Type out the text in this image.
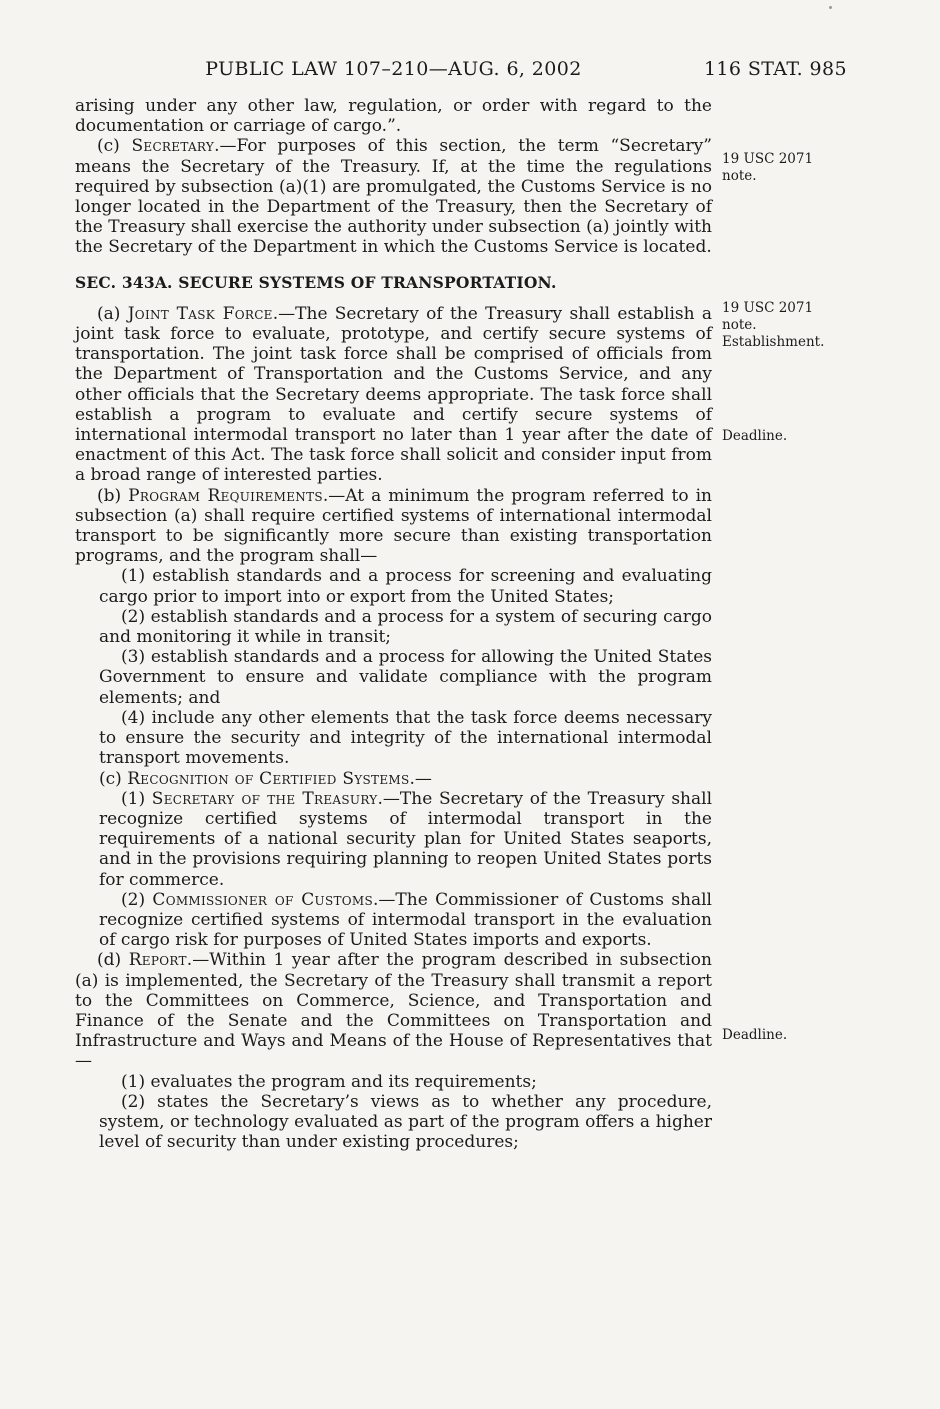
PUBLIC LAW 107–210—AUG. 6, 2002	116 STAT. 985

arising under any other law, regulation, or order with regard to the documentation or carriage of cargo.”.

(c) Secretary.—For purposes of this section, the term “Secretary” means the Secretary of the Treasury. If, at the time the regulations required by subsection (a)(1) are promulgated, the Customs Service is no longer located in the Department of the Treasury, then the Secretary of the Treasury shall exercise the authority under subsection (a) jointly with the Secretary of the Department in which the Customs Service is located.

SEC. 343A. SECURE SYSTEMS OF TRANSPORTATION.

(a) Joint Task Force.—The Secretary of the Treasury shall establish a joint task force to evaluate, prototype, and certify secure systems of transportation. The joint task force shall be comprised of officials from the Department of Transportation and the Customs Service, and any other officials that the Secretary deems appropriate. The task force shall establish a program to evaluate and certify secure systems of international intermodal transport no later than 1 year after the date of enactment of this Act. The task force shall solicit and consider input from a broad range of interested parties.

(b) Program Requirements.—At a minimum the program referred to in subsection (a) shall require certified systems of international intermodal transport to be significantly more secure than existing transportation programs, and the program shall—

(1) establish standards and a process for screening and evaluating cargo prior to import into or export from the United States;

(2) establish standards and a process for a system of securing cargo and monitoring it while in transit;

(3) establish standards and a process for allowing the United States Government to ensure and validate compliance with the program elements; and

(4) include any other elements that the task force deems necessary to ensure the security and integrity of the international intermodal transport movements.

(c) Recognition of Certified Systems.—

(1) Secretary of the Treasury.—The Secretary of the Treasury shall recognize certified systems of intermodal transport in the requirements of a national security plan for United States seaports, and in the provisions requiring planning to reopen United States ports for commerce.

(2) Commissioner of Customs.—The Commissioner of Customs shall recognize certified systems of intermodal transport in the evaluation of cargo risk for purposes of United States imports and exports.

(d) Report.—Within 1 year after the program described in subsection (a) is implemented, the Secretary of the Treasury shall transmit a report to the Committees on Commerce, Science, and Transportation and Finance of the Senate and the Committees on Transportation and Infrastructure and Ways and Means of the House of Representatives that—

(1) evaluates the program and its requirements;

(2) states the Secretary’s views as to whether any procedure, system, or technology evaluated as part of the program offers a higher level of security than under existing procedures;

19 USC 2071 note.
19 USC 2071 note.
Establishment.
Deadline.
Deadline.
